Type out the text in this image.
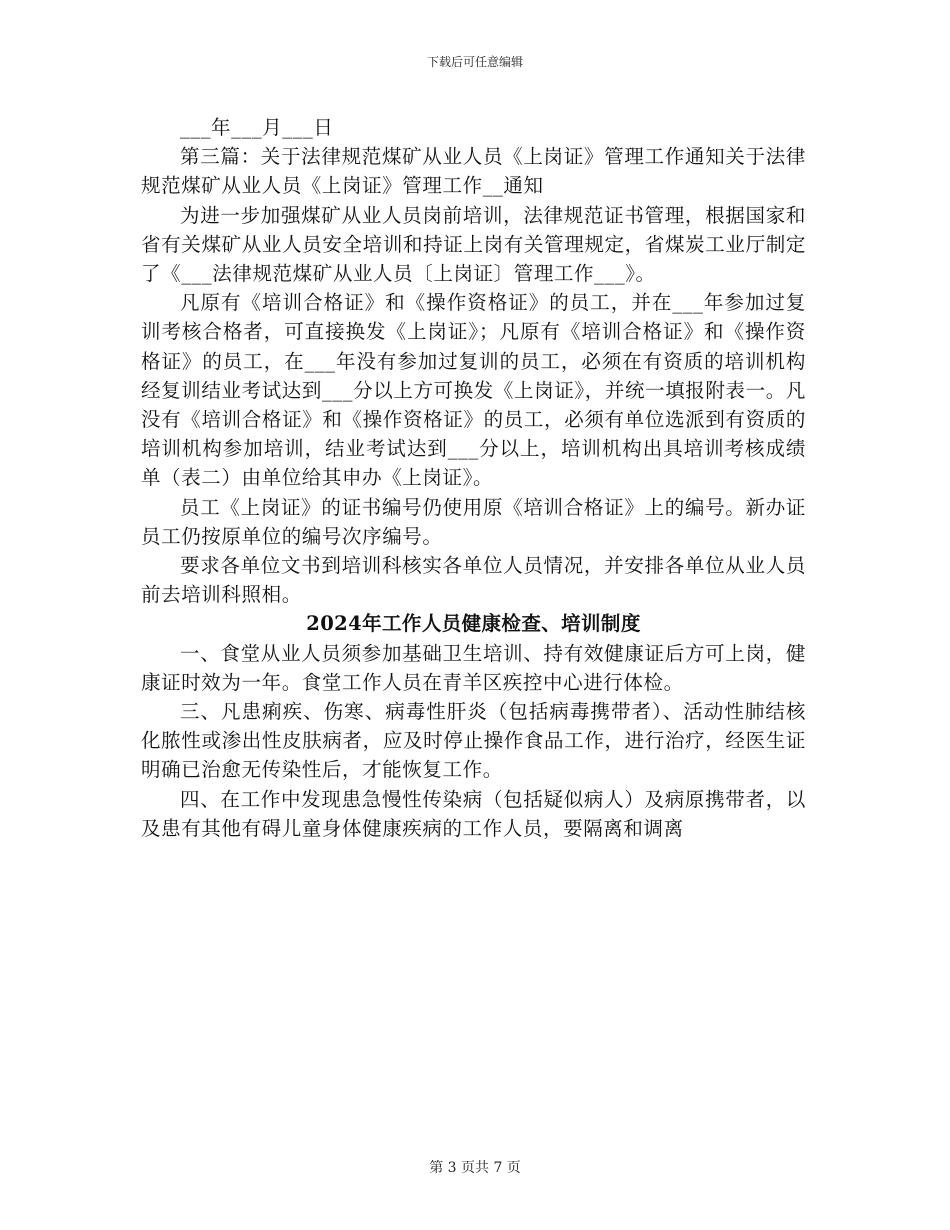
下载后可任意编辑

___年___月___日

第三篇：关于法律规范煤矿从业人员《上岗证》管理工作通知关于法律规范煤矿从业人员《上岗证》管理工作__通知

为进一步加强煤矿从业人员岗前培训，法律规范证书管理，根据国家和省有关煤矿从业人员安全培训和持证上岗有关管理规定，省煤炭工业厅制定了《___法律规范煤矿从业人员〔上岗证〕管理工作___》。

凡原有《培训合格证》和《操作资格证》的员工，并在___年参加过复训考核合格者，可直接换发《上岗证》；凡原有《培训合格证》和《操作资格证》的员工，在___年没有参加过复训的员工，必须在有资质的培训机构经复训结业考试达到___分以上方可换发《上岗证》，并统一填报附表一。凡没有《培训合格证》和《操作资格证》的员工，必须有单位选派到有资质的培训机构参加培训，结业考试达到___分以上，培训机构出具培训考核成绩单（表二）由单位给其申办《上岗证》。

员工《上岗证》的证书编号仍使用原《培训合格证》上的编号。新办证员工仍按原单位的编号次序编号。

要求各单位文书到培训科核实各单位人员情况，并安排各单位从业人员前去培训科照相。

2024年工作人员健康检查、培训制度

一、食堂从业人员须参加基础卫生培训、持有效健康证后方可上岗，健康证时效为一年。食堂工作人员在青羊区疾控中心进行体检。

三、凡患痢疾、伤寒、病毒性肝炎（包括病毒携带者）、活动性肺结核化脓性或渗出性皮肤病者，应及时停止操作食品工作，进行治疗，经医生证明确已治愈无传染性后，才能恢复工作。

四、在工作中发现患急慢性传染病（包括疑似病人）及病原携带者，以及患有其他有碍儿童身体健康疾病的工作人员，要隔离和调离

第 3 页共 7 页
